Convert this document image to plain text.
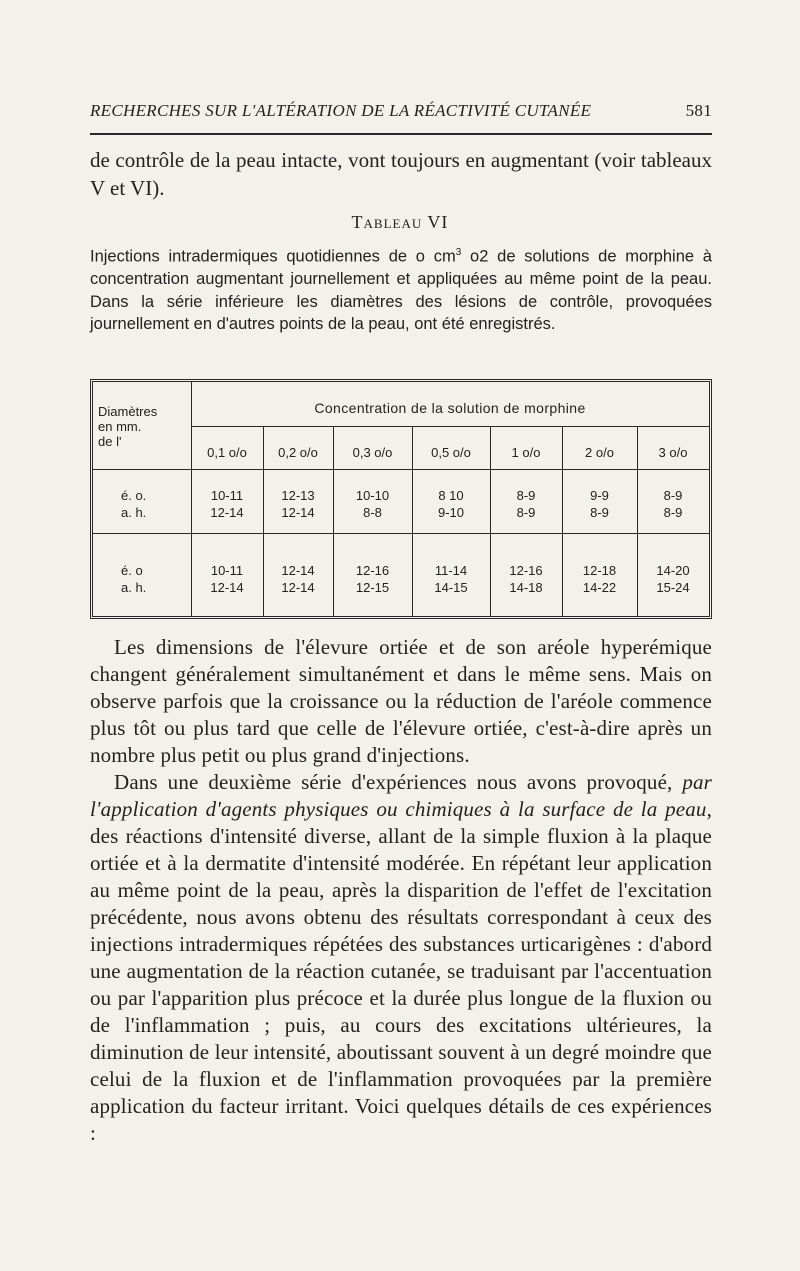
RECHERCHES SUR L'ALTÉRATION DE LA RÉACTIVITÉ CUTANÉE	581
de contrôle de la peau intacte, vont toujours en augmentant (voir tableaux V et VI).
Tableau VI
Injections intradermiques quotidiennes de o $cm^3$ o2 de solutions de morphine à concentration augmentant journellement et appliquées au même point de la peau. Dans la série inférieure les diamètres des lésions de contrôle, provoquées journellement en d'autres points de la peau, ont été enregistrés.
Diamètres
en mm.
de l'
Concentration de la solution de morphine
0,1 o/o	0,2 o/o	0,3 o/o	0,5 o/o	1 o/o	2 o/o	3 o/o
é. o.	10-11	12-13	10-10	8 10	8-9	9-9	8-9
a. h.	12-14	12-14	8-8	9-10	8-9	8-9	8-9
é. o	10-11	12-14	12-16	11-14	12-16	12-18	14-20
a. h.	12-14	12-14	12-15	14-15	14-18	14-22	15-24

Les dimensions de l'élevure ortiée et de son aréole hyperémique changent généralement simultanément et dans le même sens. Mais on observe parfois que la croissance ou la réduction de l'aréole commence plus tôt ou plus tard que celle de l'élevure ortiée, c'est-à-dire après un nombre plus petit ou plus grand d'injections.

Dans une deuxième série d'expériences nous avons provoqué, par l'application d'agents physiques ou chimiques à la surface de la peau, des réactions d'intensité diverse, allant de la simple fluxion à la plaque ortiée et à la dermatite d'intensité modérée. En répétant leur application au même point de la peau, après la disparition de l'effet de l'excitation précédente, nous avons obtenu des résultats correspondant à ceux des injections intradermiques répétées des substances urticarigènes : d'abord une augmentation de la réaction cutanée, se traduisant par l'accentuation ou par l'apparition plus précoce et la durée plus longue de la fluxion ou de l'inflammation ; puis, au cours des excitations ultérieures, la diminution de leur intensité, aboutissant souvent à un degré moindre que celui de la fluxion et de l'inflammation provoquées par la première application du facteur irritant. Voici quelques détails de ces expériences :
